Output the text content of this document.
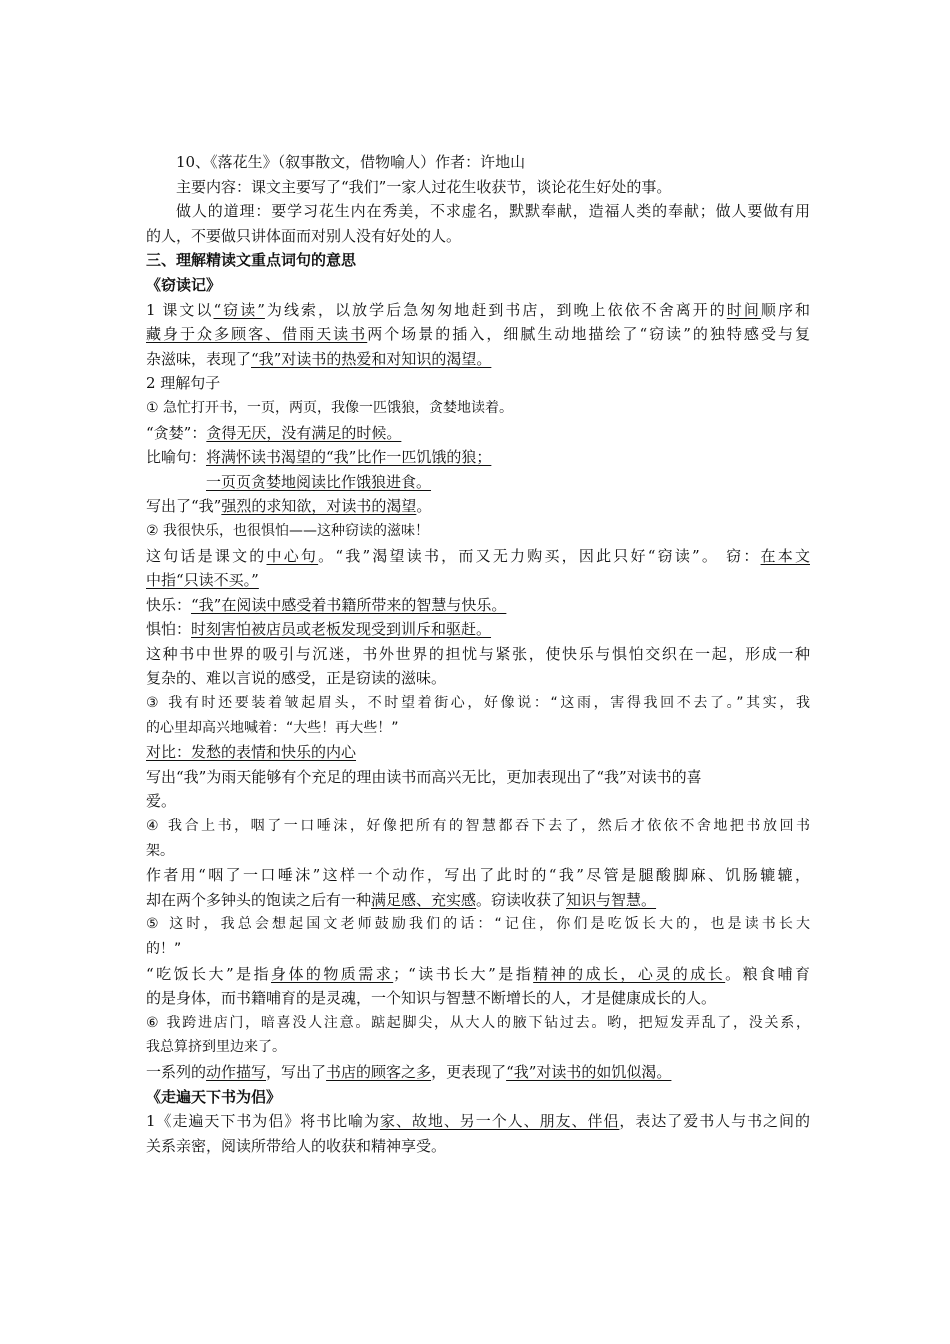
10、《落花生》（叙事散文，借物喻人）作者：许地山
主要内容：课文主要写了“我们”一家人过花生收获节，谈论花生好处的事。
做人的道理：要学习花生内在秀美，不求虚名，默默奉献，造福人类的奉献；做人要做有用
的人，不要做只讲体面而对别人没有好处的人。
三、理解精读文重点词句的意思
《窃读记》
1 课文以“窃读”为线索，以放学后急匆匆地赶到书店，到晚上依依不舍离开的时间顺序和
藏身于众多顾客、借雨天读书两个场景的插入，细腻生动地描绘了“窃读”的独特感受与复
杂滋味，表现了“我”对读书的热爱和对知识的渴望。
2 理解句子
① 急忙打开书，一页，两页，我像一匹饿狼，贪婪地读着。
“贪婪”：贪得无厌，没有满足的时候。
比喻句：将满怀读书渴望的“我”比作一匹饥饿的狼；
一页页贪婪地阅读比作饿狼进食。
写出了“我”强烈的求知欲，对读书的渴望。
② 我很快乐，也很惧怕——这种窃读的滋味！
这句话是课文的中心句。“我”渴望读书，而又无力购买，因此只好“窃读”。 窃：在本文
中指“只读不买。”
快乐：“我”在阅读中感受着书籍所带来的智慧与快乐。
惧怕：时刻害怕被店员或老板发现受到训斥和驱赶。
这种书中世界的吸引与沉迷，书外世界的担忧与紧张，使快乐与惧怕交织在一起，形成一种
复杂的、难以言说的感受，正是窃读的滋味。
③ 我有时还要装着皱起眉头，不时望着街心，好像说：“这雨，害得我回不去了。”其实，我
的心里却高兴地喊着：“大些！再大些！”
对比：发愁的表情和快乐的内心
写出“我”为雨天能够有个充足的理由读书而高兴无比，更加表现出了“我”对读书的喜
爱。
④ 我合上书，咽了一口唾沫，好像把所有的智慧都吞下去了，然后才依依不舍地把书放回书
架。
作者用“咽了一口唾沫”这样一个动作，写出了此时的“我”尽管是腿酸脚麻、饥肠辘辘，
却在两个多钟头的饱读之后有一种满足感、充实感。窃读收获了知识与智慧。
⑤ 这时，我总会想起国文老师鼓励我们的话：“记住，你们是吃饭长大的，也是读书长大
的！”
“吃饭长大”是指身体的物质需求；“读书长大”是指精神的成长，心灵的成长。粮食哺育
的是身体，而书籍哺育的是灵魂，一个知识与智慧不断增长的人，才是健康成长的人。
⑥ 我跨进店门，暗喜没人注意。踮起脚尖，从大人的腋下钻过去。哟，把短发弄乱了，没关系，
我总算挤到里边来了。
一系列的动作描写，写出了书店的顾客之多，更表现了“我”对读书的如饥似渴。
《走遍天下书为侣》
1《走遍天下书为侣》将书比喻为家、故地、另一个人、朋友、伴侣，表达了爱书人与书之间的
关系亲密，阅读所带给人的收获和精神享受。
